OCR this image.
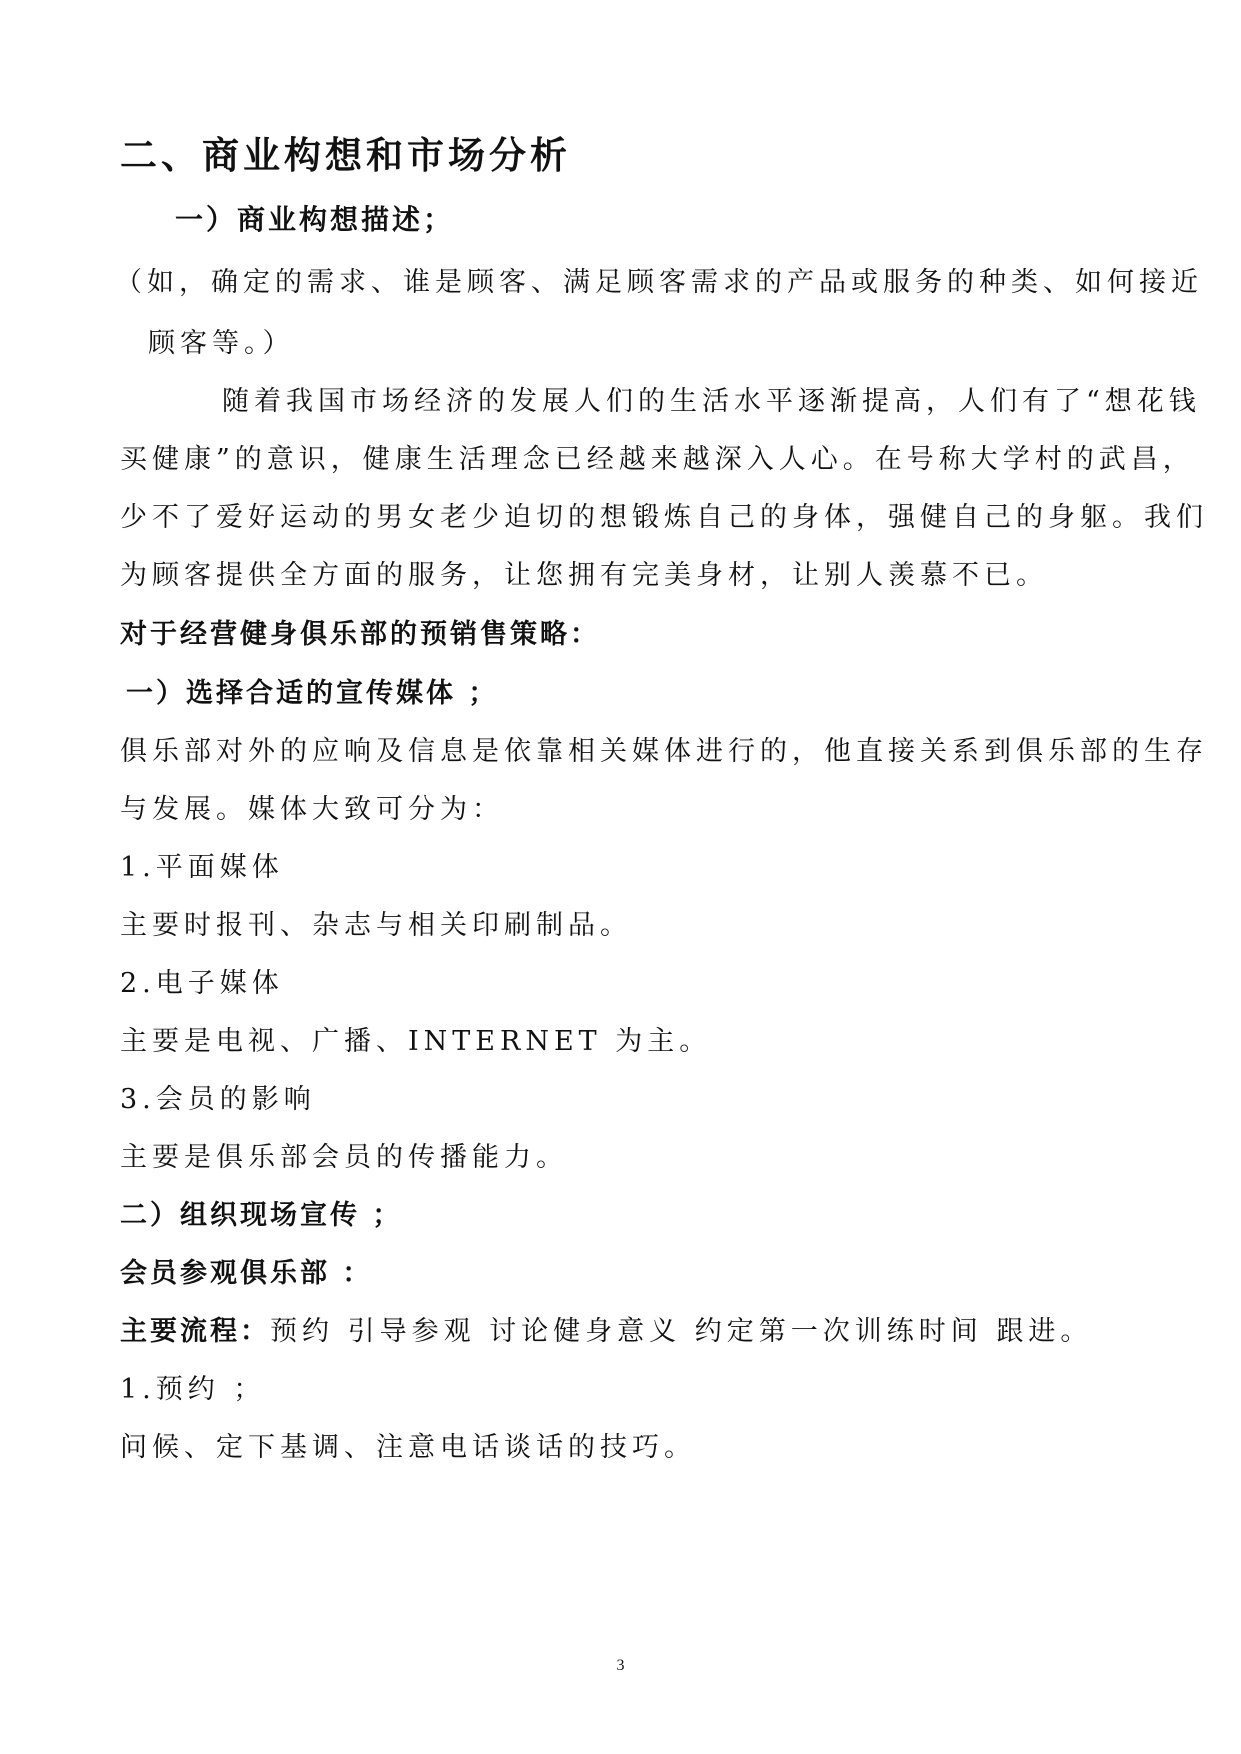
二、商业构想和市场分析
一）商业构想描述；
（如，确定的需求、谁是顾客、满足顾客需求的产品或服务的种类、如何接近
顾客等。）
随着我国市场经济的发展人们的生活水平逐渐提高，人们有了“想花钱
买健康”的意识，健康生活理念已经越来越深入人心。在号称大学村的武昌，
少不了爱好运动的男女老少迫切的想锻炼自己的身体，强健自己的身躯。我们
为顾客提供全方面的服务，让您拥有完美身材，让别人羡慕不已。
对于经营健身俱乐部的预销售策略：
一）选择合适的宣传媒体 ；
俱乐部对外的应响及信息是依靠相关媒体进行的，他直接关系到俱乐部的生存
与发展。媒体大致可分为：
1.平面媒体
主要时报刊、杂志与相关印刷制品。
2.电子媒体
主要是电视、广播、INTERNET 为主。
3.会员的影响
主要是俱乐部会员的传播能力。
二）组织现场宣传 ；
会员参观俱乐部 ：
主要流程：预约 引导参观 讨论健身意义 约定第一次训练时间 跟进。
1.预约 ；
问候、定下基调、注意电话谈话的技巧。
3
